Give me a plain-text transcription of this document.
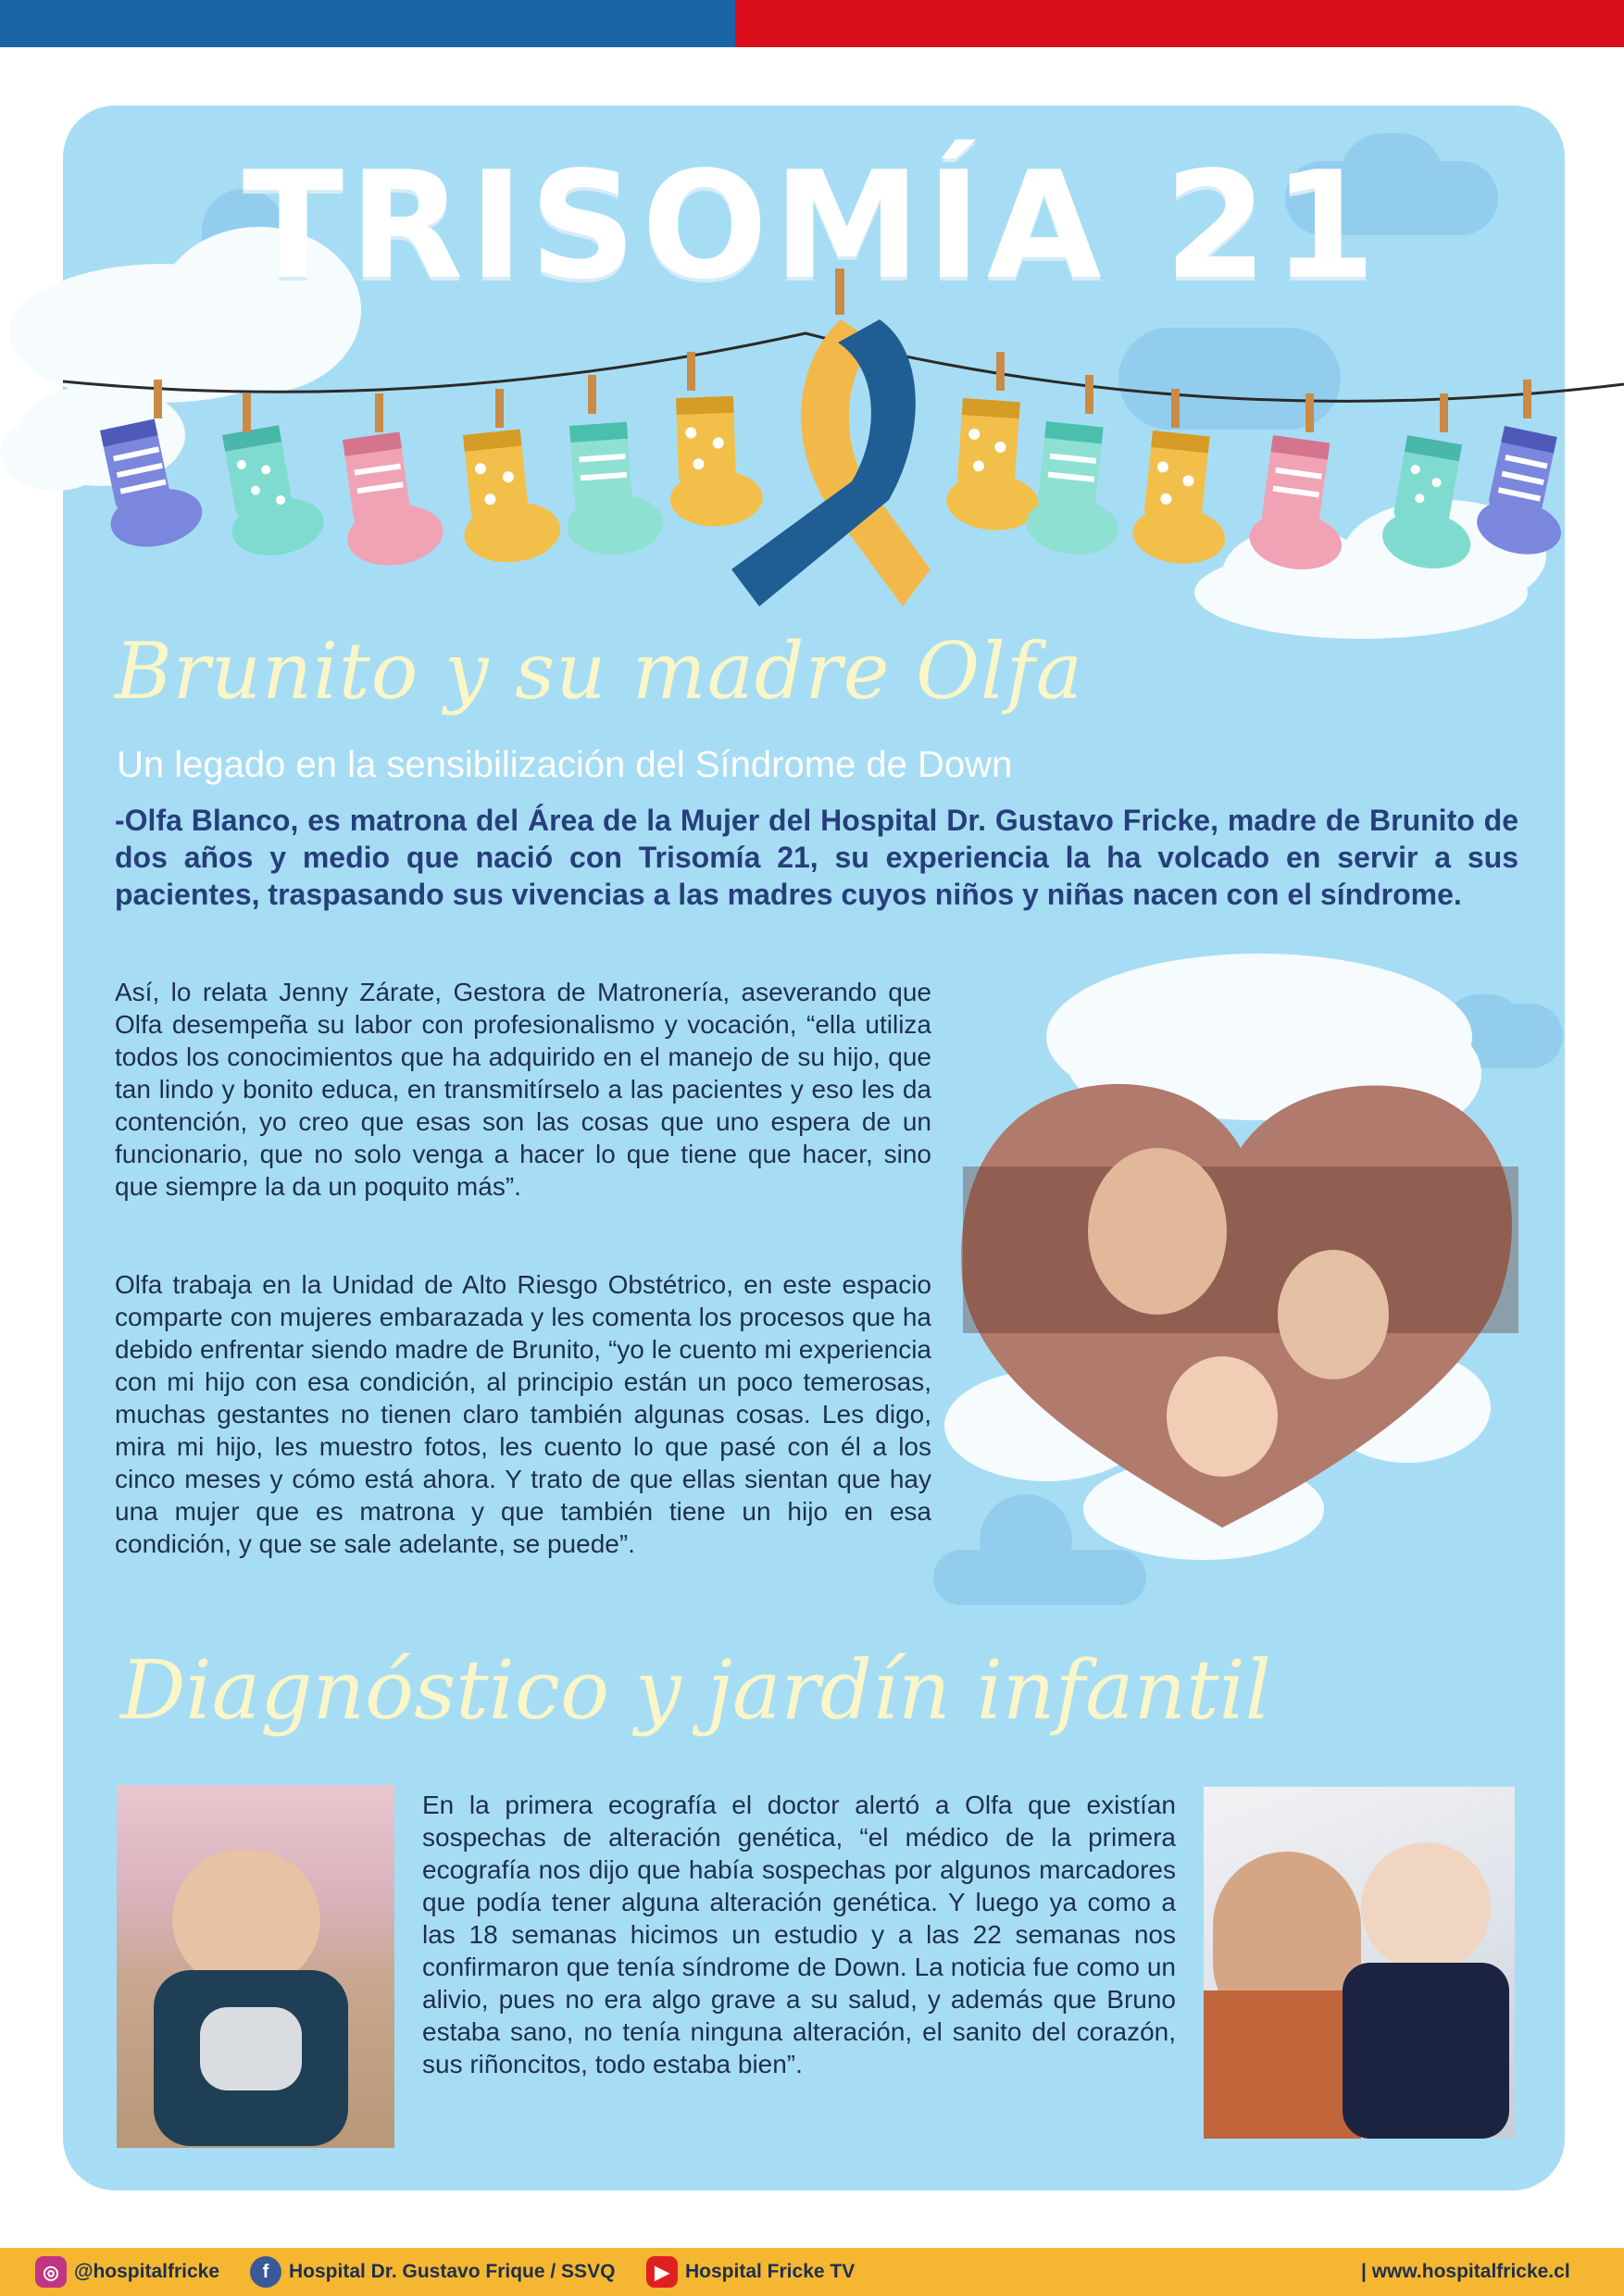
TRISOMÍA 21
Brunito y su madre Olfa
Un legado en la sensibilización del Síndrome de Down

-Olfa Blanco, es matrona del Área de la Mujer del Hospital Dr. Gustavo Fricke, madre de Brunito de dos años y medio que nació con Trisomía 21, su experiencia la ha volcado en servir a sus pacientes, traspasando sus vivencias a las madres cuyos niños y niñas nacen con el síndrome.

Así, lo relata Jenny Zárate, Gestora de Matronería, aseverando que Olfa desempeña su labor con profesionalismo y vocación, “ella utiliza todos los conocimientos que ha adquirido en el manejo de su hijo, que tan lindo y bonito educa, en transmitírselo a las pacientes y eso les da contención, yo creo que esas son las cosas que uno espera de un funcionario, que no solo venga a hacer lo que tiene que hacer, sino que siempre la da un poquito más”.

Olfa trabaja en la Unidad de Alto Riesgo Obstétrico, en este espacio comparte con mujeres embarazada y les comenta los procesos que ha debido enfrentar siendo madre de Brunito, “yo le cuento mi experiencia con mi hijo con esa condición, al principio están un poco temerosas, muchas gestantes no tienen claro también algunas cosas. Les digo, mira mi hijo, les muestro fotos, les cuento lo que pasé con él a los cinco meses y cómo está ahora. Y trato de que ellas sientan que hay una mujer que es matrona y que también tiene un hijo en esa condición, y que se sale adelante, se puede”.

Diagnóstico y jardín infantil

En la primera ecografía el doctor alertó a Olfa que existían sospechas de alteración genética, “el médico de la primera ecografía nos dijo que había sospechas por algunos marcadores que podía tener alguna alteración genética. Y luego ya como a las 18 semanas hicimos un estudio y a las 22 semanas nos confirmaron que tenía síndrome de Down. La noticia fue como un alivio, pues no era algo grave a su salud, y además que Bruno estaba sano, no tenía ninguna alteración, el sanito del corazón, sus riñoncitos, todo estaba bien”.

◎ @hospitalfricke	f	Hospital Dr. Gustavo Frique / SSVQ	▶ Hospital Fricke TV	| www.hospitalfricke.cl
